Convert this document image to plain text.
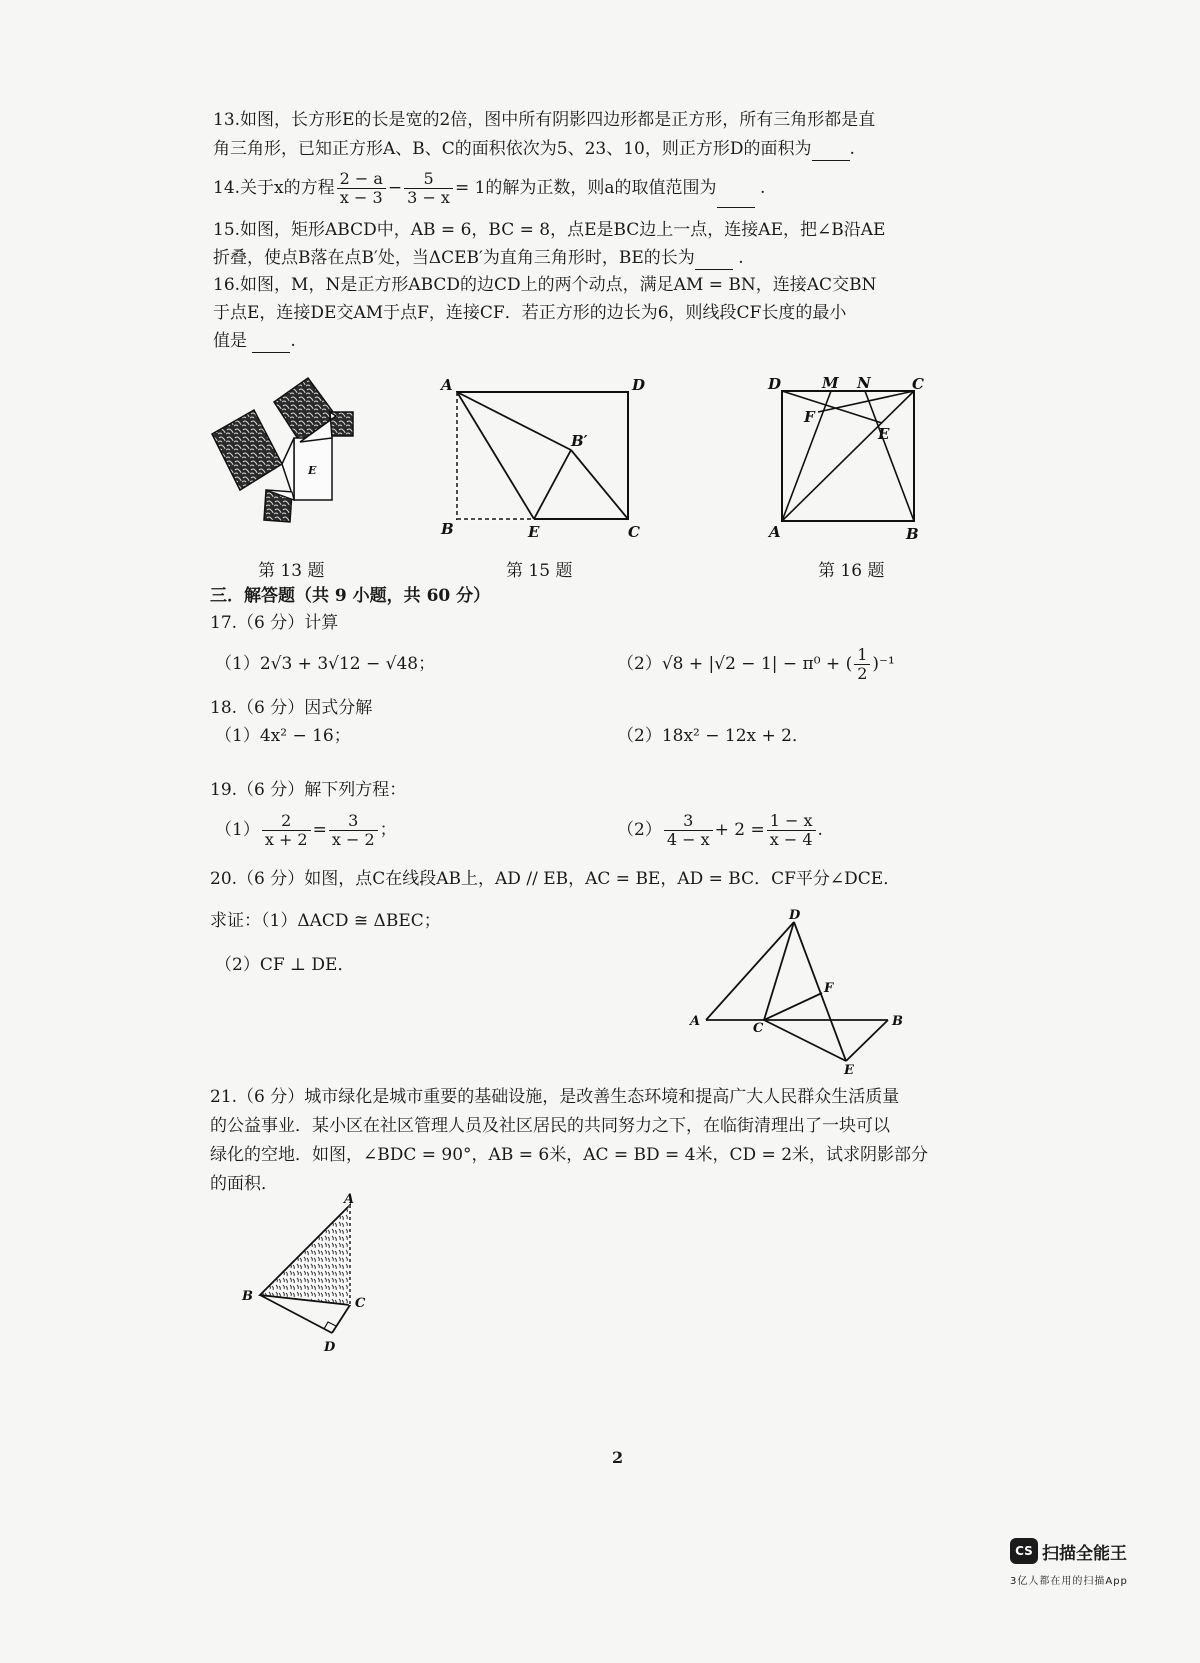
13.如图，长方形E的长是宽的2倍，图中所有阴影四边形都是正方形，所有三角形都是直
角三角形，已知正方形A、B、C的面积依次为5、23、10，则正方形D的面积为 .
14.关于x的方程 $\frac{2 - a}{x - 3} - \frac{5}{3 - x} = 1$的解为正数，则a的取值范围为	.
15.如图，矩形ABCD中，AB = 6，BC = 8，点E是BC边上一点，连接AE，把∠B沿AE
折叠，使点B落在点B′处，当ΔCEB′为直角三角形时，BE的长为	.
16.如图，M，N是正方形ABCD的边CD上的两个动点，满足AM = BN，连接AC交BN
于点E，连接DE交AM于点F，连接CF．若正方形的边长为6，则线段CF长度的最小
值是	.
E
第 13 题
A	D
B′
B	E	C
第 15 题
D	M N	C
F
E
A	B
第 16 题
三．解答题（共 9 小题，共 60 分）
17.（6 分）计算
（1）2√3 + 3√12 − √48；	（2）√8 + |√2 − 1| − π⁰ + ( $\frac{1}{2} )^{-1}$
18.（6 分）因式分解
（1）4x² − 16；	（2）18x² − 12x + 2．
19.（6 分）解下列方程：
$(1) \frac{2}{x + 2} = \frac{3}{x - 2}$ ；	$(2) \frac{3}{4 - x} + 2 = \frac{1 - x}{x - 4}$ .
20.（6 分）如图，点C在线段AB上，AD // EB，AC = BE，AD = BC．CF平分∠DCE．
求证：（1）ΔACD ≅ ΔBEC；
（2）CF ⊥ DE．
D
F
A	C	B
E
21.（6 分）城市绿化是城市重要的基础设施，是改善生态环境和提高广大人民群众生活质量
的公益事业．某小区在社区管理人员及社区居民的共同努力之下，在临街清理出了一块可以
绿化的空地．如图，∠BDC = 90°，AB = 6米，AC = BD = 4米，CD = 2米，试求阴影部分
的面积．
A
B	C
D
2
CS 扫描全能王
3亿人都在用的扫描App
